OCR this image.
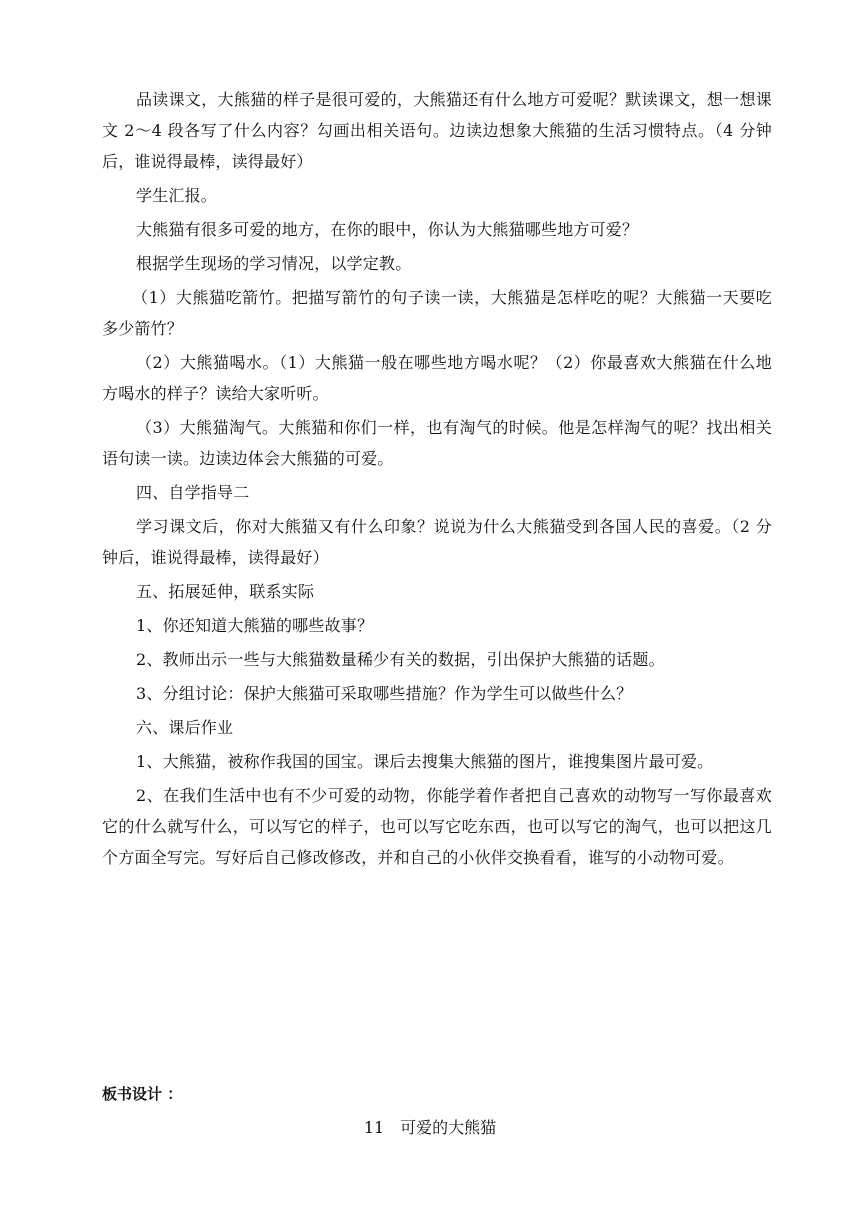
品读课文，大熊猫的样子是很可爱的，大熊猫还有什么地方可爱呢？默读课文，想一想课文 2～4 段各写了什么内容？勾画出相关语句。边读边想象大熊猫的生活习惯特点。（4 分钟后，谁说得最棒，读得最好）

学生汇报。

大熊猫有很多可爱的地方，在你的眼中，你认为大熊猫哪些地方可爱？

根据学生现场的学习情况，以学定教。

（1）大熊猫吃箭竹。把描写箭竹的句子读一读，大熊猫是怎样吃的呢？大熊猫一天要吃多少箭竹？

（2）大熊猫喝水。（1）大熊猫一般在哪些地方喝水呢？（2）你最喜欢大熊猫在什么地方喝水的样子？读给大家听听。

（3）大熊猫淘气。大熊猫和你们一样，也有淘气的时候。他是怎样淘气的呢？找出相关语句读一读。边读边体会大熊猫的可爱。

四、自学指导二

学习课文后，你对大熊猫又有什么印象？说说为什么大熊猫受到各国人民的喜爱。（2 分钟后，谁说得最棒，读得最好）

五、拓展延伸，联系实际

1、你还知道大熊猫的哪些故事？

2、教师出示一些与大熊猫数量稀少有关的数据，引出保护大熊猫的话题。

3、分组讨论：保护大熊猫可采取哪些措施？作为学生可以做些什么？

六、课后作业

1、大熊猫，被称作我国的国宝。课后去搜集大熊猫的图片，谁搜集图片最可爱。

2、在我们生活中也有不少可爱的动物，你能学着作者把自己喜欢的动物写一写你最喜欢它的什么就写什么，可以写它的样子，也可以写它吃东西，也可以写它的淘气，也可以把这几个方面全写完。写好后自己修改修改，并和自己的小伙伴交换看看，谁写的小动物可爱。

板书设计 ：
11　可爱的大熊猫
